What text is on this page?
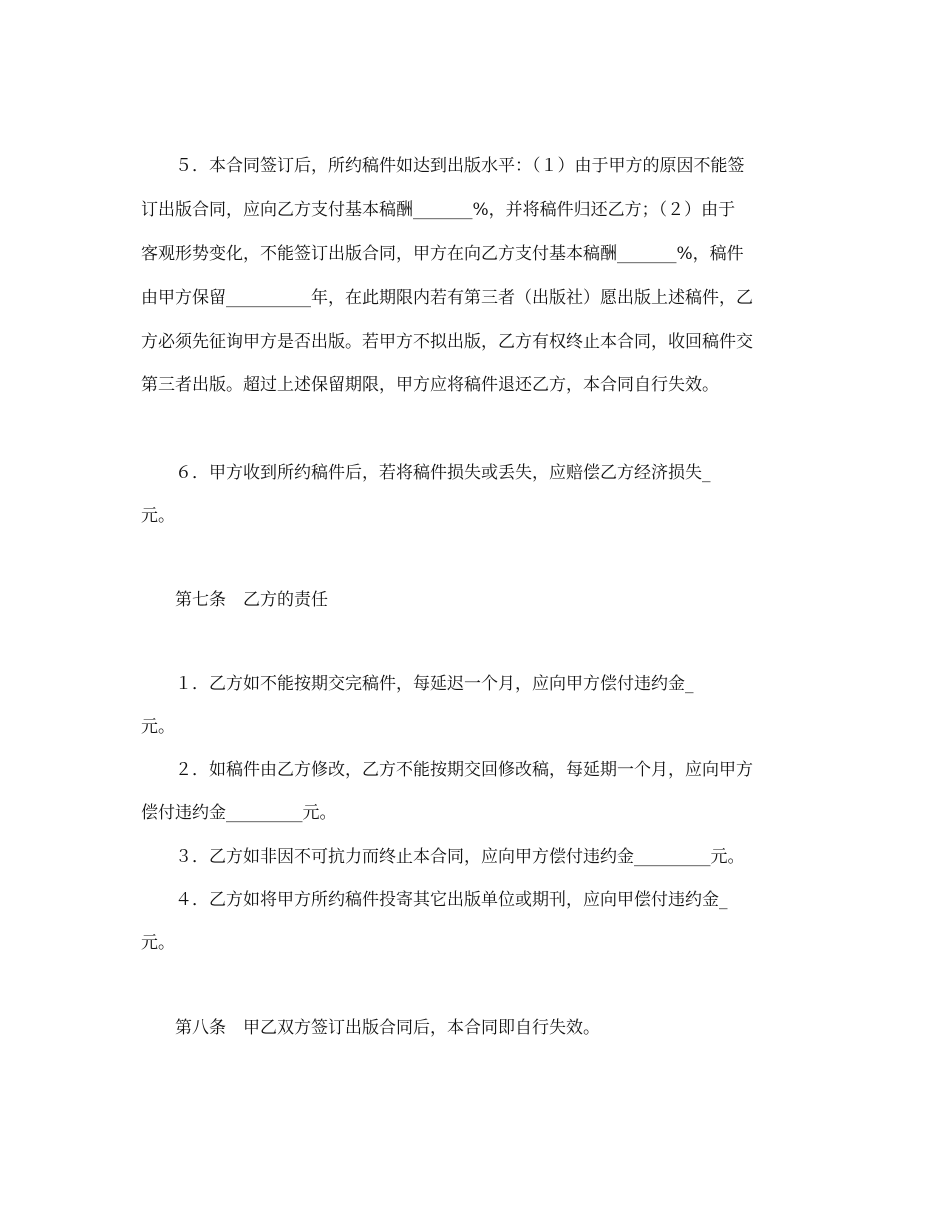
　　５．本合同签订后，所约稿件如达到出版水平：（１）由于甲方的原因不能签
订出版合同，应向乙方支付基本稿酬_______%，并将稿件归还乙方；（２）由于
客观形势变化，不能签订出版合同，甲方在向乙方支付基本稿酬_______%，稿件
由甲方保留__________年，在此期限内若有第三者（出版社）愿出版上述稿件，乙
方必须先征询甲方是否出版。若甲方不拟出版，乙方有权终止本合同，收回稿件交
第三者出版。超过上述保留期限，甲方应将稿件退还乙方，本合同自行失效。
　　６．甲方收到所约稿件后，若将稿件损失或丢失，应赔偿乙方经济损失_
元。
　　第七条　乙方的责任
　　１．乙方如不能按期交完稿件，每延迟一个月，应向甲方偿付违约金_
元。
　　２．如稿件由乙方修改，乙方不能按期交回修改稿，每延期一个月，应向甲方
偿付违约金_________元。
　　３．乙方如非因不可抗力而终止本合同，应向甲方偿付违约金_________元。
　　４．乙方如将甲方所约稿件投寄其它出版单位或期刊，应向甲偿付违约金_
元。
　　第八条　甲乙双方签订出版合同后，本合同即自行失效。
